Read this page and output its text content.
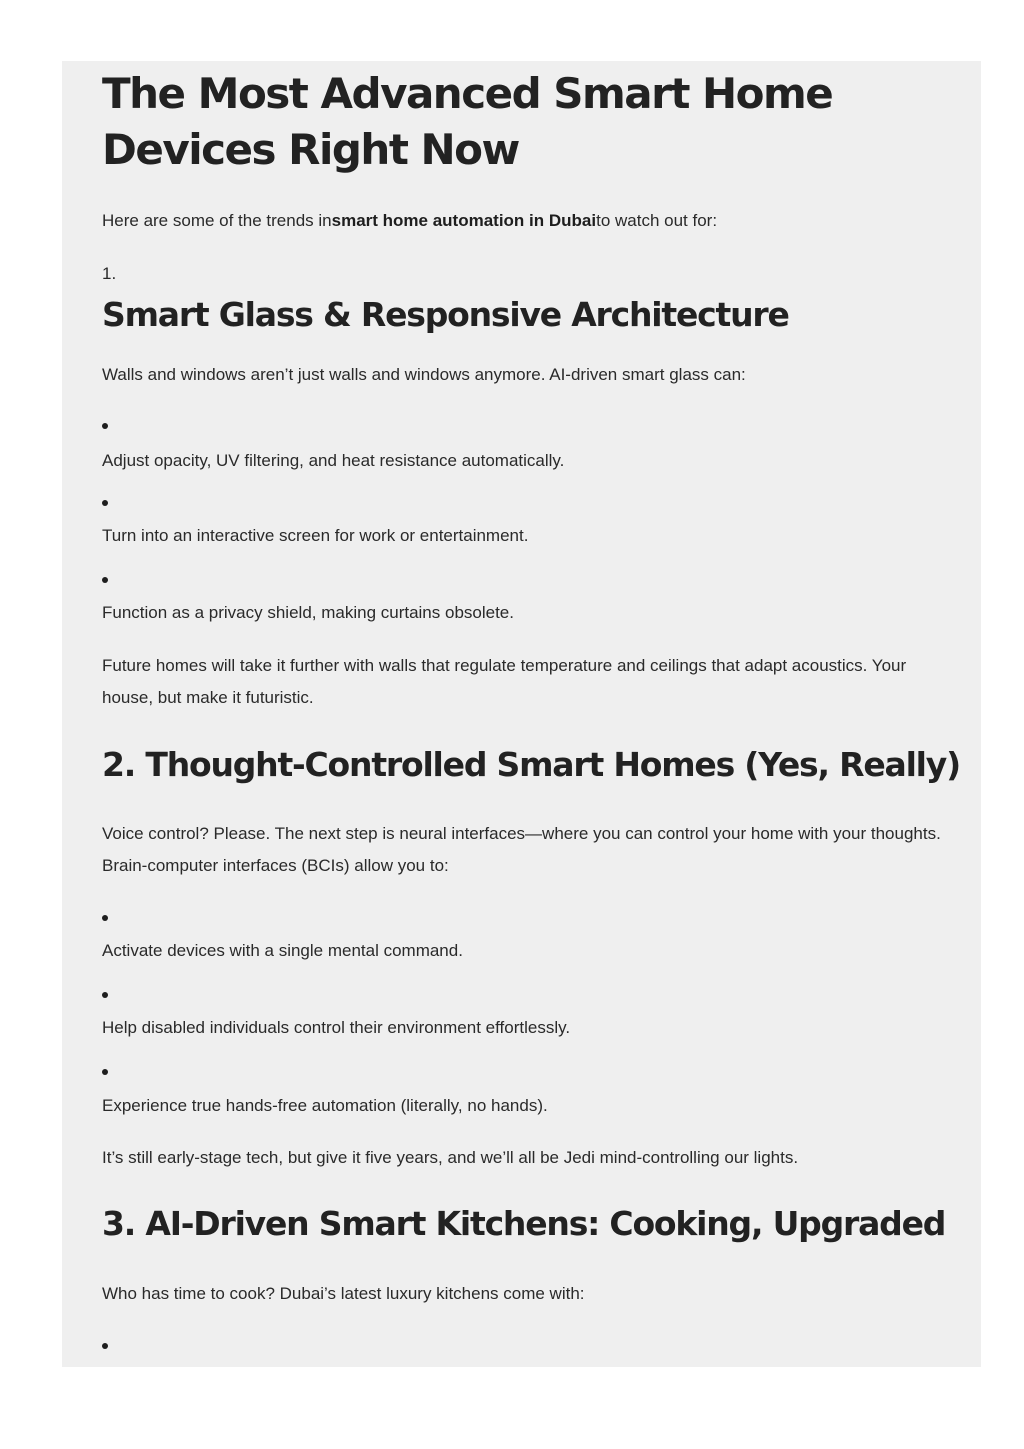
The Most Advanced Smart Home Devices Right Now

Here are some of the trends insmart home automation in Dubaito watch out for:

1.

Smart Glass & Responsive Architecture

Walls and windows aren’t just walls and windows anymore. AI-driven smart glass can:

Adjust opacity, UV filtering, and heat resistance automatically.

Turn into an interactive screen for work or entertainment.

Function as a privacy shield, making curtains obsolete.

Future homes will take it further with walls that regulate temperature and ceilings that adapt acoustics. Your house, but make it futuristic.

2. Thought-Controlled Smart Homes (Yes, Really)

Voice control? Please. The next step is neural interfaces—where you can control your home with your thoughts. Brain-computer interfaces (BCIs) allow you to:

Activate devices with a single mental command.

Help disabled individuals control their environment effortlessly.

Experience true hands-free automation (literally, no hands).

It’s still early-stage tech, but give it five years, and we’ll all be Jedi mind-controlling our lights.

3. AI-Driven Smart Kitchens: Cooking, Upgraded

Who has time to cook? Dubai’s latest luxury kitchens come with:
